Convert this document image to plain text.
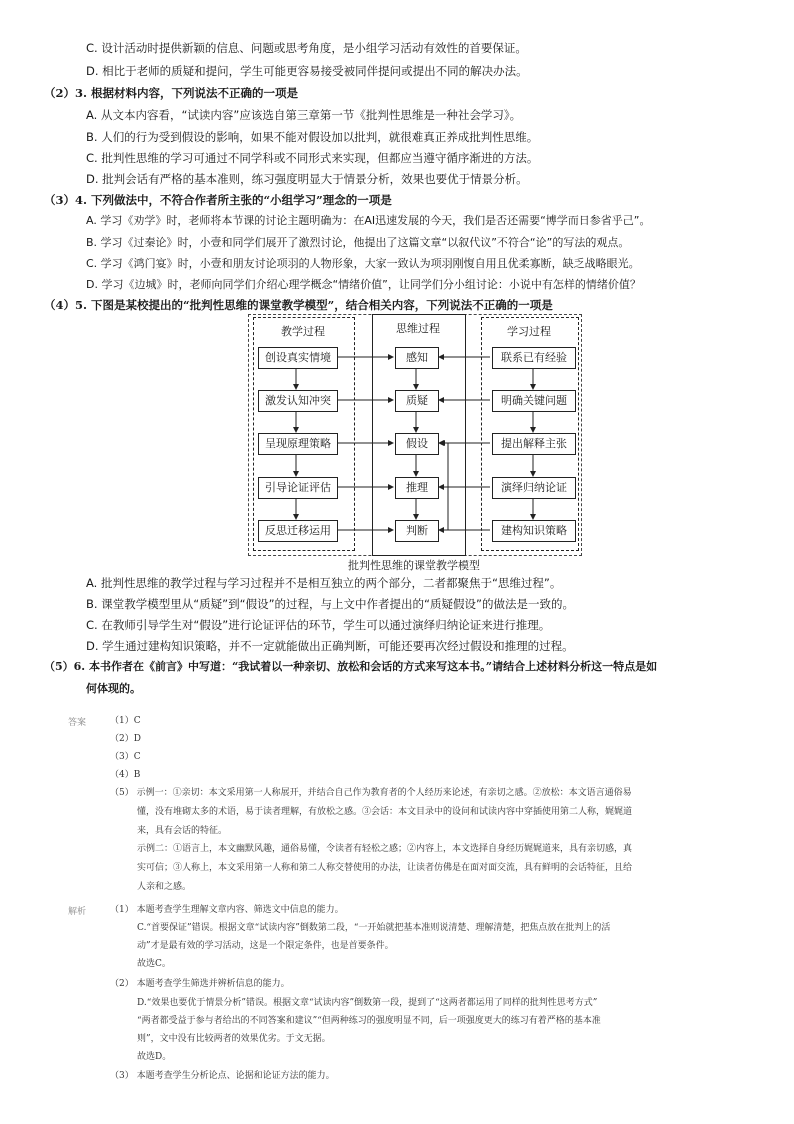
C. 设计活动时提供新颖的信息、问题或思考角度，是小组学习活动有效性的首要保证。
D. 相比于老师的质疑和提问，学生可能更容易接受被同伴提问或提出不同的解决办法。
（2）3. 根据材料内容，下列说法不正确的一项是
A. 从文本内容看，“试读内容”应该选自第三章第一节《批判性思维是一种社会学习》。
B. 人们的行为受到假设的影响，如果不能对假设加以批判，就很难真正养成批判性思维。
C. 批判性思维的学习可通过不同学科或不同形式来实现，但都应当遵守循序渐进的方法。
D. 批判会话有严格的基本准则，练习强度明显大于情景分析，效果也要优于情景分析。
（3）4. 下列做法中，不符合作者所主张的“小组学习”理念的一项是
A. 学习《劝学》时，老师将本节课的讨论主题明确为：在AI迅速发展的今天，我们是否还需要“博学而日参省乎己”。
B. 学习《过秦论》时，小壹和同学们展开了激烈讨论，他提出了这篇文章“以叙代议”不符合“论”的写法的观点。
C. 学习《鸿门宴》时，小壹和朋友讨论项羽的人物形象，大家一致认为项羽刚愎自用且优柔寡断，缺乏战略眼光。
D. 学习《边城》时，老师向同学们介绍心理学概念“情绪价值”，让同学们分小组讨论：小说中有怎样的情绪价值？
（4）5. 下图是某校提出的“批判性思维的课堂教学模型”，结合相关内容，下列说法不正确的一项是
教学过程	思维过程	学习过程
创设真实情境
激发认知冲突
呈现原理策略
引导论证评估
反思迁移运用
感知
质疑
假设
推理
判断
联系已有经验
明确关键问题
提出解释主张
演绎归纳论证
建构知识策略
批判性思维的课堂教学模型
A. 批判性思维的教学过程与学习过程并不是相互独立的两个部分，二者都聚焦于“思维过程”。
B. 课堂教学模型里从“质疑”到“假设”的过程，与上文中作者提出的“质疑假设”的做法是一致的。
C. 在教师引导学生对“假设”进行论证评估的环节，学生可以通过演绎归纳论证来进行推理。
D. 学生通过建构知识策略，并不一定就能做出正确判断，可能还要再次经过假设和推理的过程。
（5）6. 本书作者在《前言》中写道：“我试着以一种亲切、放松和会话的方式来写这本书。”请结合上述材料分析这一特点是如
何体现的。
答案	（1）C
（2）D
（3）C
（4）B
（5） 示例一：①亲切：本文采用第一人称展开，并结合自己作为教育者的个人经历来论述，有亲切之感。②放松：本文语言通俗易
懂，没有堆砌太多的术语，易于读者理解，有放松之感。③会话：本文目录中的设问和试读内容中穿插使用第二人称，娓娓道
来，具有会话的特征。
示例二：①语言上，本文幽默风趣，通俗易懂，令读者有轻松之感；②内容上，本文选择自身经历娓娓道来，具有亲切感，真
实可信；③人称上，本文采用第一人称和第二人称交替使用的办法，让读者仿佛是在面对面交流，具有鲜明的会话特征，且给
人亲和之感。
解析	（1） 本题考查学生理解文章内容、筛选文中信息的能力。
C.“首要保证”错误。根据文章“试读内容”倒数第二段，“一开始就把基本准则说清楚、理解清楚，把焦点放在批判上的活
动”才是最有效的学习活动，这是一个限定条件，也是首要条件。
故选C。
（2） 本题考查学生筛选并辨析信息的能力。
D.“效果也要优于情景分析”错误。根据文章“试读内容”倒数第一段，提到了“这两者都运用了同样的批判性思考方式”
“两者都受益于参与者给出的不同答案和建议”“但两种练习的强度明显不同，后一项强度更大的练习有着严格的基本准
则”，文中没有比较两者的效果优劣。于文无据。
故选D。
（3） 本题考查学生分析论点、论据和论证方法的能力。
